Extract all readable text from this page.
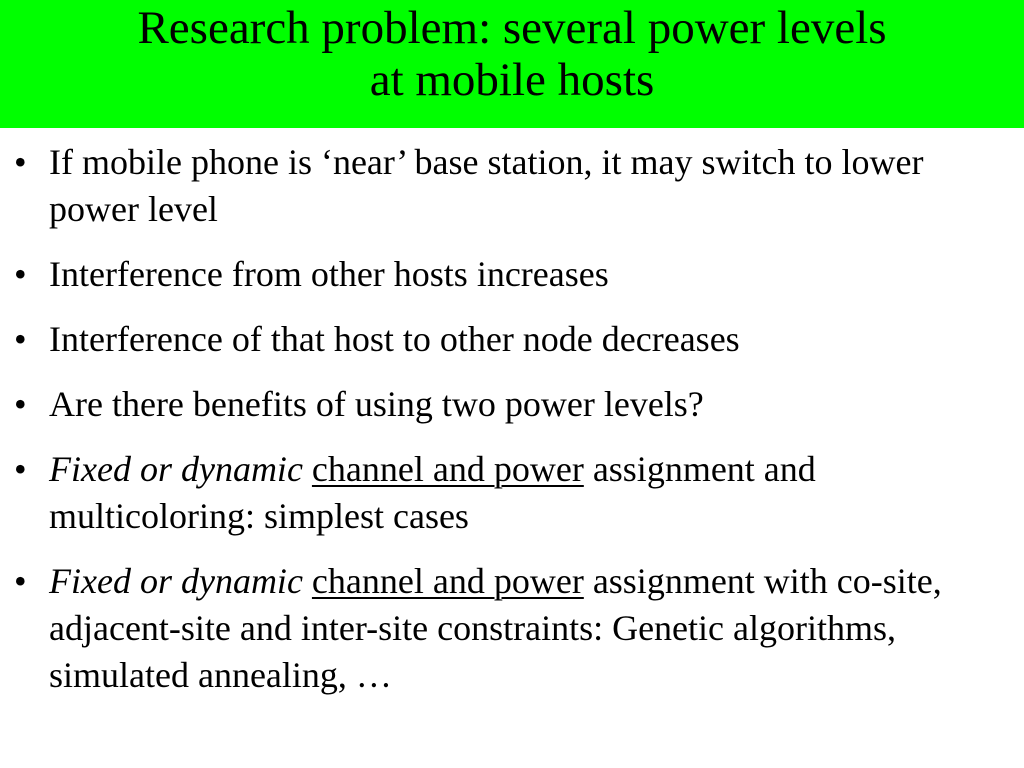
Research problem: several power levels
at mobile hosts
• If mobile phone is ‘near’ base station, it may switch to lower power level
• Interference from other hosts increases
• Interference of that host to other node decreases
• Are there benefits of using two power levels?
• Fixed or dynamic channel and power assignment and multicoloring: simplest cases
• Fixed or dynamic channel and power assignment with co-site, adjacent-site and inter-site constraints: Genetic algorithms, simulated annealing, …
